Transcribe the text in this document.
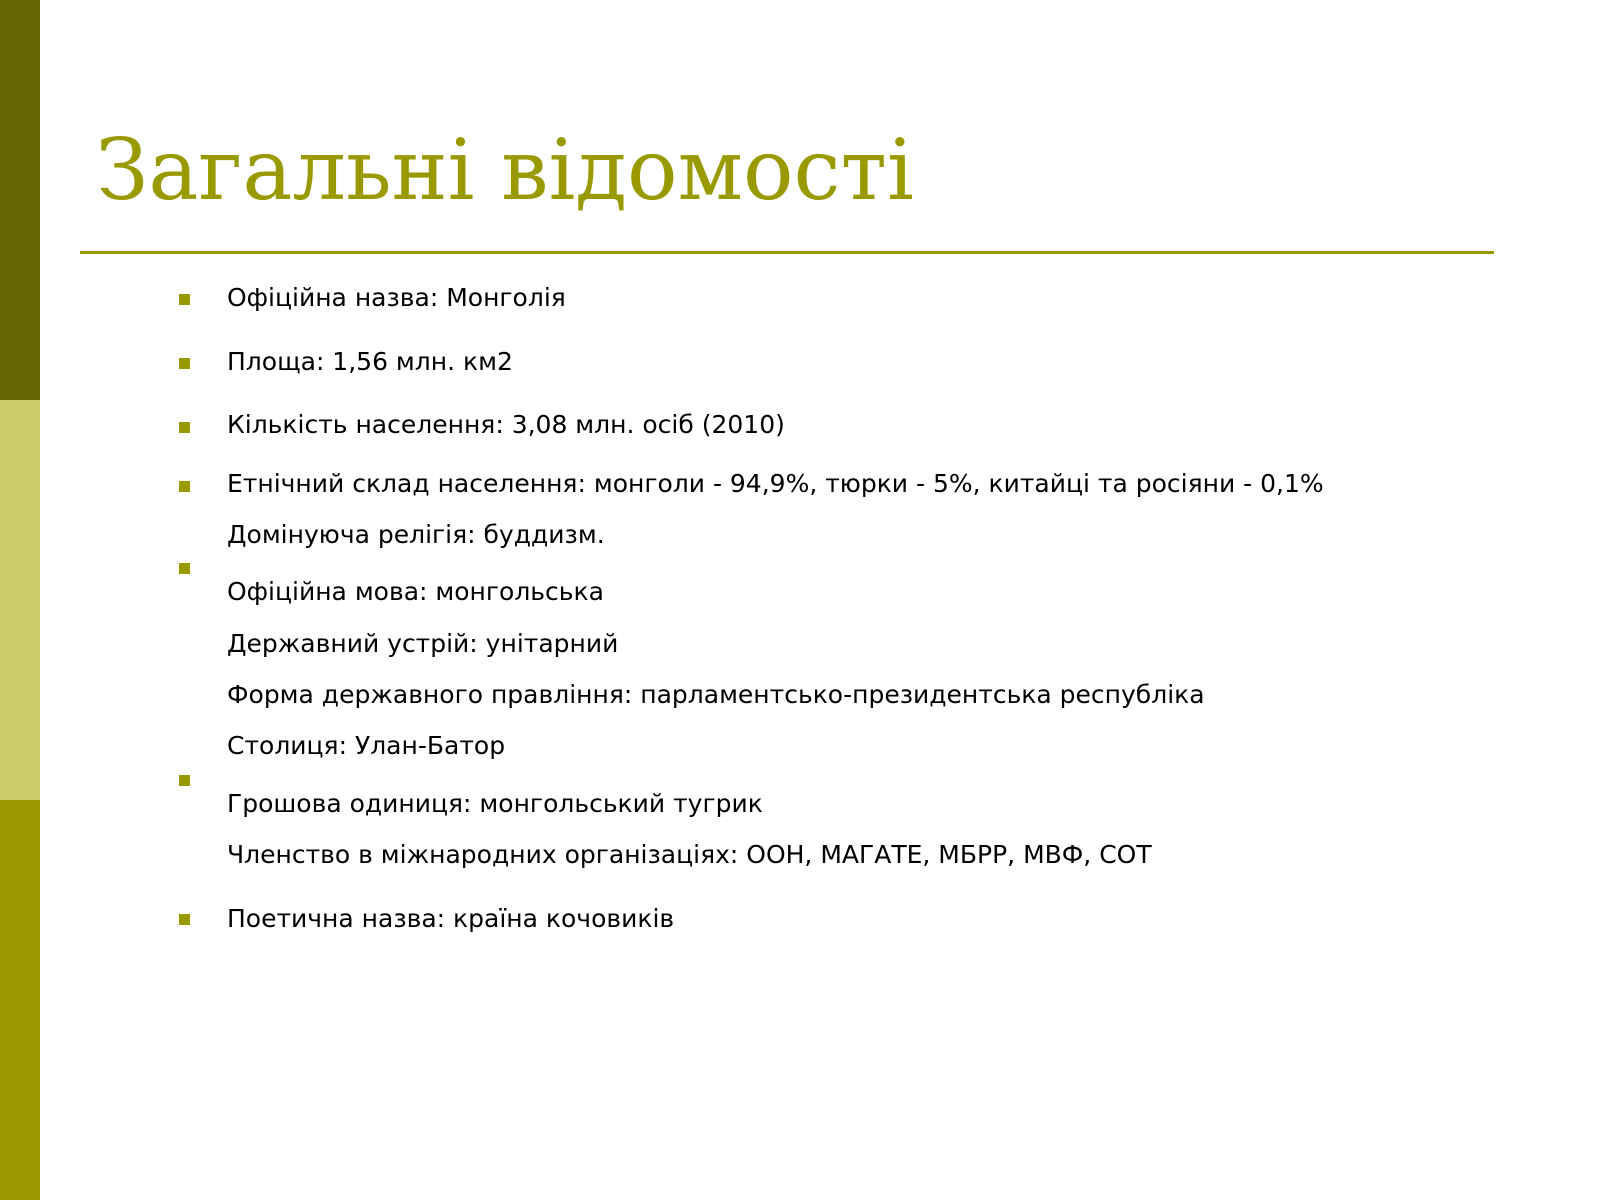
Загальні відомості
Офіційна назва: Монголія
Площа: 1,56 млн. км2
Кількість населення: 3,08 млн. осіб (2010)
Етнічний склад населення: монголи - 94,9%, тюрки - 5%, китайці та росіяни - 0,1%
Домінуюча релігія: буддизм.
Офіційна мова: монгольська
Державний устрій: унітарний
Форма державного правління: парламентсько-президентська республіка
Столиця: Улан-Батор
Грошова одиниця: монгольський тугрик
Членство в міжнародних організаціях: ООН, МАГАТЕ, МБРР, МВФ, СОТ
Поетична назва: країна кочовиків
